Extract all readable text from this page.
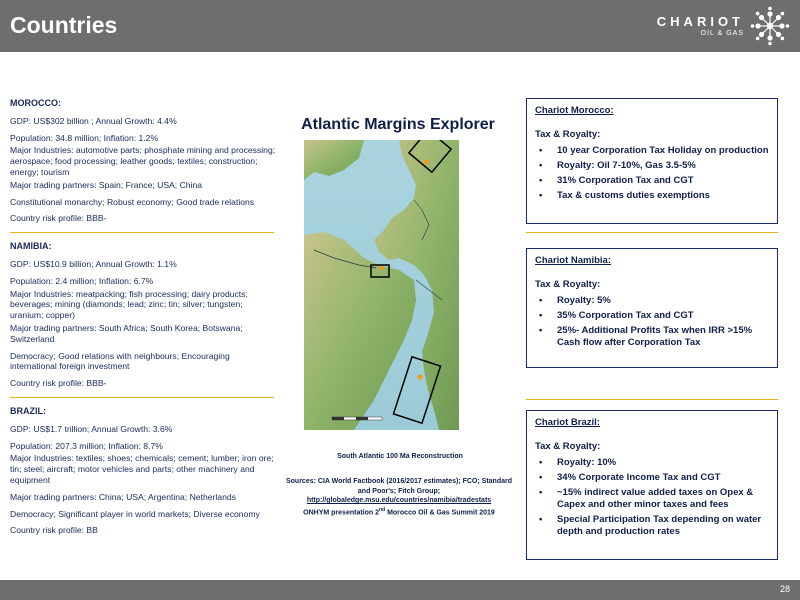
Countries	CHARIOT
OIL & GAS
MOROCCO:

GDP: US$302 billion ; Annual Growth: 4.4%

Population: 34.8 million; Inflation: 1.2%

Major Industries: automotive parts; phosphate mining and processing; aerospace; food processing; leather goods; textiles; construction; energy; tourism

Major trading partners: Spain; France; USA; China

Constitutional monarchy; Robust economy; Good trade relations

Country risk profile: BBB-

NAMIBIA:

GDP: US$10.9 billion; Annual Growth: 1.1%

Population: 2.4 million; Inflation: 6.7%

Major Industries: meatpacking; fish processing; dairy products; beverages; mining (diamonds; lead; zinc; tin; silver; tungsten; uranium; copper)

Major trading partners: South Africa; South Korea; Botswana; Switzerland

Democracy; Good relations with neighbours; Encouraging international foreign investment

Country risk profile: BBB-

BRAZIL:

GDP: US$1.7 trillion; Annual Growth: 3.6%

Population: 207.3 million; Inflation: 8.7%

Major Industries: textiles; shoes; chemicals; cement; lumber; iron ore; tin; steel; aircraft; motor vehicles and parts; other machinery and equipment

Major trading partners: China; USA; Argentina; Netherlands

Democracy; Significant player in world markets; Diverse economy

Country risk profile: BB

Atlantic Margins Explorer
South Atlantic 100 Ma Reconstruction
Sources: CIA World Factbook (2016/2017 estimates); FCO; Standard and Poor's; Fitch Group;
http://globaledge.msu.edu/countries/namibia/tradestats
ONHYM presentation 2nd Morocco Oil & Gas Summit 2019
Chariot Morocco:
Tax & Royalty:
• 10 year Corporation Tax Holiday on production
• Royalty: Oil 7-10%, Gas 3.5-5%
• 31% Corporation Tax and CGT
• Tax & customs duties exemptions
Chariot Namibia:
Tax & Royalty:
• Royalty: 5%
• 35% Corporation Tax and CGT
• 25%- Additional Profits Tax when IRR >15% Cash flow after Corporation Tax
Chariot Brazil:
Tax & Royalty:
• Royalty: 10%
• 34% Corporate Income Tax and CGT
• ~15% indirect value added taxes on Opex & Capex and other minor taxes and fees
• Special Participation Tax depending on water depth and production rates
28
